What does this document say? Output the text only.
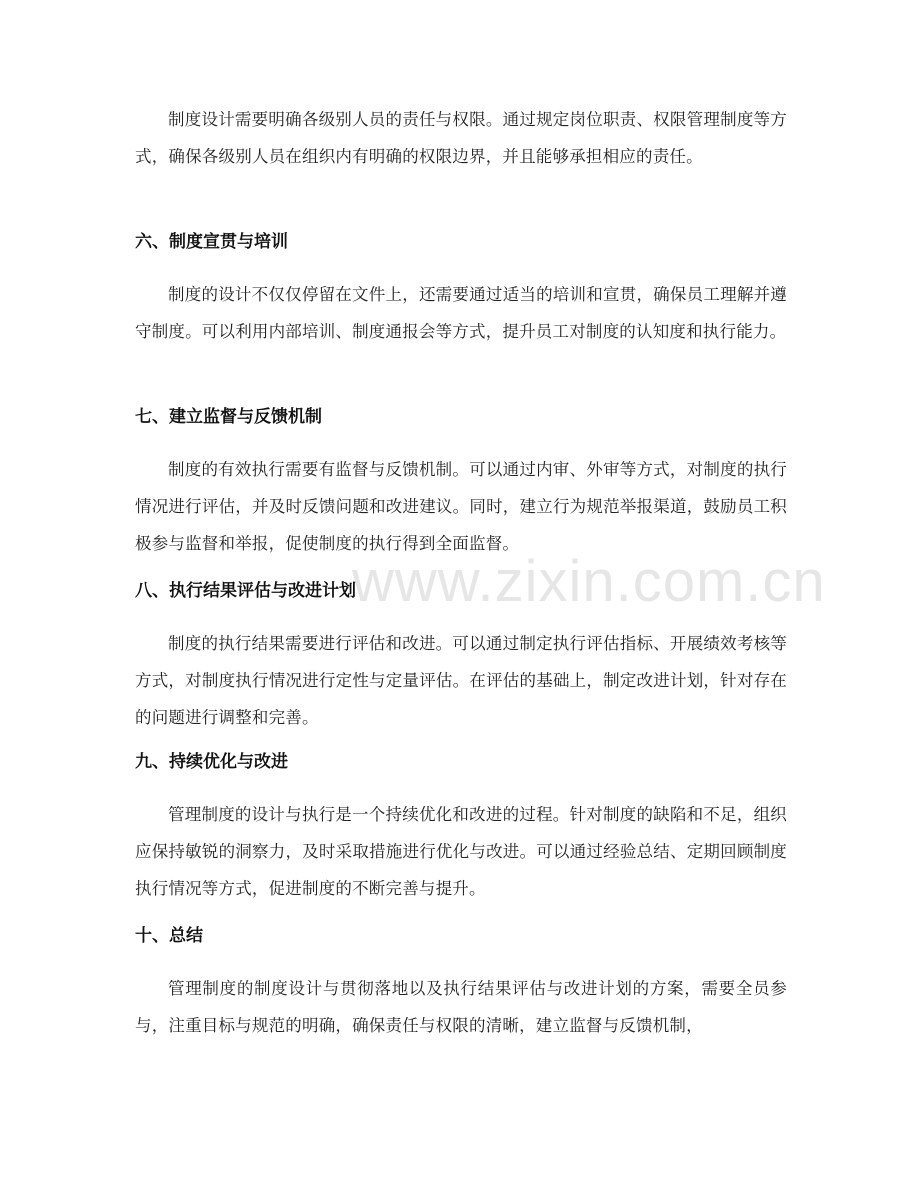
www.zixin.com.cn

制度设计需要明确各级别人员的责任与权限。通过规定岗位职责、权限管理制度等方式，确保各级别人员在组织内有明确的权限边界，并且能够承担相应的责任。

六、制度宣贯与培训

制度的设计不仅仅停留在文件上，还需要通过适当的培训和宣贯，确保员工理解并遵守制度。可以利用内部培训、制度通报会等方式，提升员工对制度的认知度和执行能力。

七、建立监督与反馈机制

制度的有效执行需要有监督与反馈机制。可以通过内审、外审等方式，对制度的执行情况进行评估，并及时反馈问题和改进建议。同时，建立行为规范举报渠道，鼓励员工积极参与监督和举报，促使制度的执行得到全面监督。

八、执行结果评估与改进计划

制度的执行结果需要进行评估和改进。可以通过制定执行评估指标、开展绩效考核等方式，对制度执行情况进行定性与定量评估。在评估的基础上，制定改进计划，针对存在的问题进行调整和完善。

九、持续优化与改进

管理制度的设计与执行是一个持续优化和改进的过程。针对制度的缺陷和不足，组织应保持敏锐的洞察力，及时采取措施进行优化与改进。可以通过经验总结、定期回顾制度执行情况等方式，促进制度的不断完善与提升。

十、总结

管理制度的制度设计与贯彻落地以及执行结果评估与改进计划的方案，需要全员参与，注重目标与规范的明确，确保责任与权限的清晰，建立监督与反馈机制，
